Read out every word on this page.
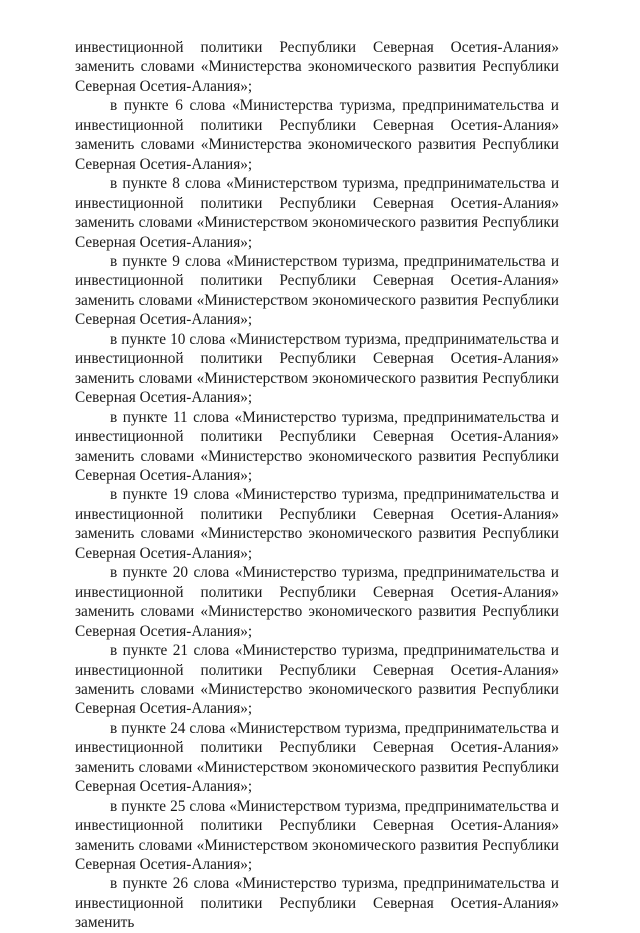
инвестиционной политики Республики Северная Осетия-Алания» заменить словами «Министерства экономического развития Республики Северная Осетия-Алания»;

в пункте 6 слова «Министерства туризма, предпринимательства и инвестиционной политики Республики Северная Осетия-Алания» заменить словами «Министерства экономического развития Республики Северная Осетия-Алания»;

в пункте 8 слова «Министерством туризма, предпринимательства и инвестиционной политики Республики Северная Осетия-Алания» заменить словами «Министерством экономического развития Республики Северная Осетия-Алания»;

в пункте 9 слова «Министерством туризма, предпринимательства и инвестиционной политики Республики Северная Осетия-Алания» заменить словами «Министерством экономического развития Республики Северная Осетия-Алания»;

в пункте 10 слова «Министерством туризма, предпринимательства и инвестиционной политики Республики Северная Осетия-Алания» заменить словами «Министерством экономического развития Республики Северная Осетия-Алания»;

в пункте 11 слова «Министерство туризма, предпринимательства и инвестиционной политики Республики Северная Осетия-Алания» заменить словами «Министерство экономического развития Республики Северная Осетия-Алания»;

в пункте 19 слова «Министерство туризма, предпринимательства и инвестиционной политики Республики Северная Осетия-Алания» заменить словами «Министерство экономического развития Республики Северная Осетия-Алания»;

в пункте 20 слова «Министерство туризма, предпринимательства и инвестиционной политики Республики Северная Осетия-Алания» заменить словами «Министерство экономического развития Республики Северная Осетия-Алания»;

в пункте 21 слова «Министерство туризма, предпринимательства и инвестиционной политики Республики Северная Осетия-Алания» заменить словами «Министерство экономического развития Республики Северная Осетия-Алания»;

в пункте 24 слова «Министерством туризма, предпринимательства и инвестиционной политики Республики Северная Осетия-Алания» заменить словами «Министерством экономического развития Республики Северная Осетия-Алания»;

в пункте 25 слова «Министерством туризма, предпринимательства и инвестиционной политики Республики Северная Осетия-Алания» заменить словами «Министерством экономического развития Республики Северная Осетия-Алания»;

в пункте 26 слова «Министерство туризма, предпринимательства и инвестиционной политики Республики Северная Осетия-Алания» заменить
